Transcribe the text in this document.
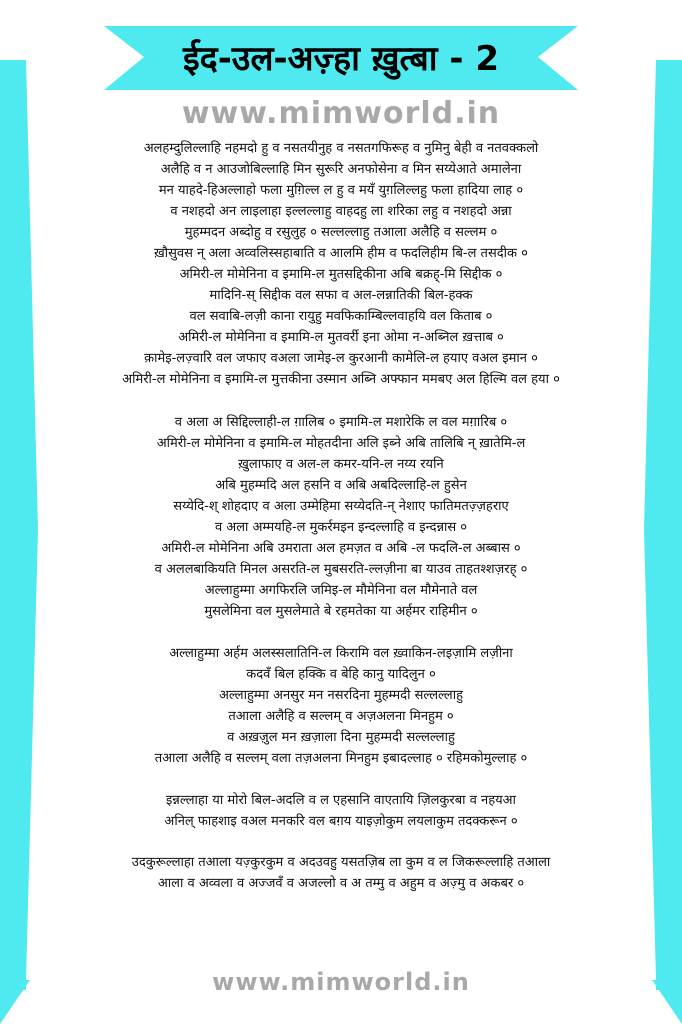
ईद-उल-अज़्हा ख़ुत्बा - 2
www.mimworld.in
अलहम्दुलिल्लाहि नहमदो हु व नसतयीनुह व नसतगफिरूह व नुमिनु बेही व नतवक्कलो
अलैहि व न आउजोबिल्लाहि मिन सुरूरि अनफोसेना व मिन सय्येआते अमालेना
मन याहदे-हिअल्लाहो फला मुग़िल्ल ल हु व मयँ युग़लिल्लहु फला हादिया लाह ०
व नशहदो अन लाइलाहा इल्लल्लाहु वाहदहु ला शरिका लहु व नशहदो अन्ना
मुहम्मदन अब्दोहु व रसुलुह ० सल्लल्लाहु तआला अलैहि व सल्लम ०
ख़ौसुवस न् अला अव्वलिस्सहाबाति व आलमि हीम व फदलिहीम बि-ल तसदीक ०
अमिरी-ल मोमेनिना व इमामि-ल मुतसद्दिकीना अबि बक्रह्-मि सिद्दीक ०
मादिनि-स् सिद्दीक वल सफा व अल-लन्नातिकी बिल-हक्क
वल सवाबि-लज़ी काना रायुहु मवफिकाम्बिल्लवाहयि वल किताब ०
अमिरी-ल मोमेनिना व इमामि-ल मुतवर्री इना ओमा न-अब्निल ख़त्ताब ०
क़ामेइ-लज़्वारि वल जफाए वअला जामेइ-ल कुरआनी कामेलि-ल हयाए वअल इमान ०
अमिरी-ल मोमेनिना व इमामि-ल मुत्तकीना उस्मान अब्नि अफ्फान ममबए अल हिल्मि वल हया ०
व अला अ सिद्दिल्लाही-ल ग़ालिब ० इमामि-ल मशारेकि ल वल मग़ारिब ०
अमिरी-ल मोमेनिना व इमामि-ल मोहतदीना अलि इब्ने अबि तालिबि न् ख़ातेमि-ल
ख़ुलाफाए व अल-ल कमर-यनि-ल नय्य रयनि
अबि मुहम्मदि अल हसनि व अबि अबदिल्लाहि-ल हुसेन
सय्येदि-श् शोहदाए व अला उम्मेहिमा सय्येदति-न् नेशाए फातिमतज़्ज़हराए
व अला अम्मयहि-ल मुकर्रमइन इन्दल्लाहि व इन्दन्नास ०
अमिरी-ल मोमेनिना अबि उमराता अल हमज़त व अबि -ल फदलि-ल अब्बास ०
व अललबाकियति मिनल असरति-ल मुबसरति-ल्लज़ीना बा याउव ताहतश्शज़रह् ०
अल्लाहुम्मा अगफिरलि जमिइ-ल मौमेनिना वल मौमेनाते वल
मुसलेमिना वल मुसलेमाते बे रहमतेका या अर्हमर राहिमीन ०
अल्लाहुम्मा अर्हम अलस्सलातिनि-ल किरामि वल ख़्वाकिन-लइज़ामि लज़ीना
कदवँ बिल हक्कि व बेहि कानु यादिलुन ०
अल्लाहुम्मा अनसुर मन नसरदिना मुहम्मदी सल्लल्लाहु
तआला अलैहि व सल्लम् व अज़अलना मिनहुम ०
व अख़ज़ुल मन ख़ज़ाला दिना मुहम्मदी सल्लल्लाहु
तआला अलैहि व सल्लम् वला तज़अलना मिनहुम इबादल्लाह ० रहिमकोमुल्लाह ०
इन्नल्लाहा या मोरो बिल-अदलि व ल एहसानि वाएतायि ज़िलकुरबा व नहयआ
अनिल् फाहशाइ वअल मनकरि वल बग़य याइज़ोकुम लयलाकुम तदक्करून ०
उदकुरूल्लाहा तआला यज़्कुरकुम व अदउवहु यसतज़िब ला कुम व ल जिकरूल्लाहि तआला
आला व अव्वला व अज्जवँ व अजल्लो व अ तम्मु व अहुम व अज़्मु व अकबर ०
www.mimworld.in
